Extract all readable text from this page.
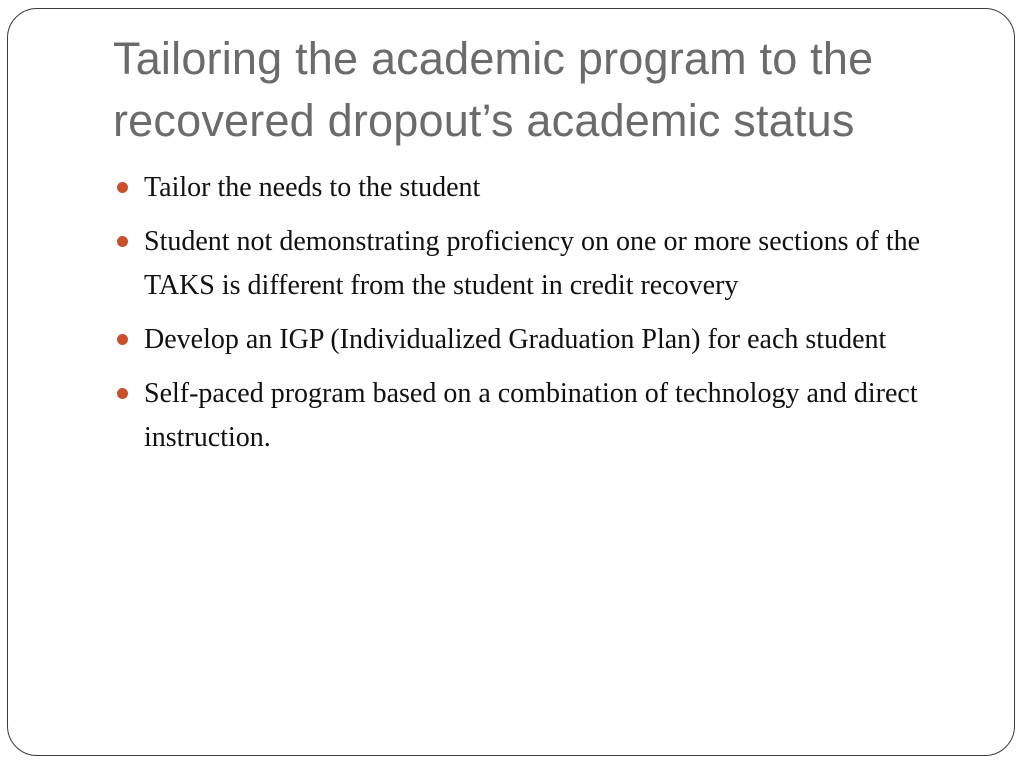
Tailoring the academic program to the
recovered dropout’s academic status
Tailor the needs to the student
Student not demonstrating proficiency on one or more sections of the TAKS is different from the student in credit recovery
Develop an IGP (Individualized Graduation Plan) for each student
Self-paced program based on a combination of technology and direct instruction.
